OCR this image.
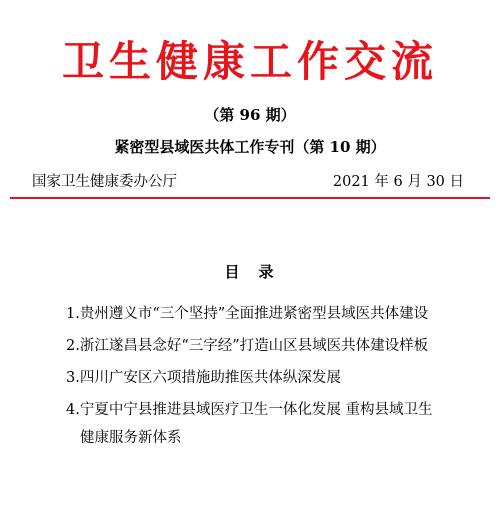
卫生健康工作交流
（第 96 期）
紧密型县域医共体工作专刊（第 10 期）
国家卫生健康委办公厅	2021 年 6 月 30 日
目　录
1.贵州遵义市“三个坚持”全面推进紧密型县域医共体建设
2.浙江遂昌县念好“三字经”打造山区县域医共体建设样板
3.四川广安区六项措施助推医共体纵深发展
4.宁夏中宁县推进县域医疗卫生一体化发展 重构县域卫生健康服务新体系
